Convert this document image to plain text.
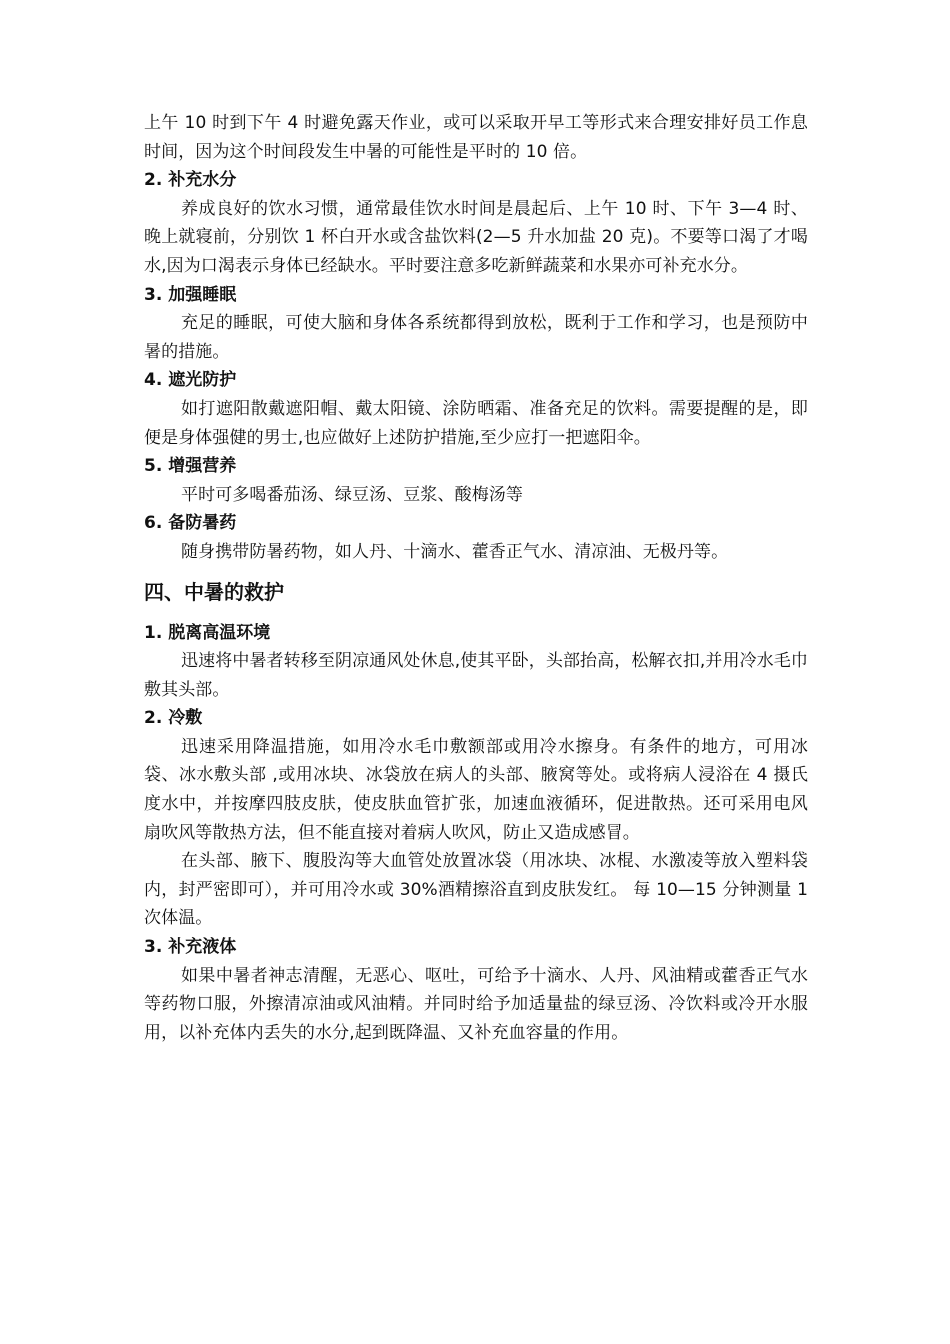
上午 10 时到下午 4 时避免露天作业，或可以采取开早工等形式来合理安排好员工作息时间，因为这个时间段发生中暑的可能性是平时的 10 倍。

2. 补充水分

养成良好的饮水习惯，通常最佳饮水时间是晨起后、上午 10 时、下午 3—4 时、晚上就寝前，分别饮 1 杯白开水或含盐饮料(2—5 升水加盐 20 克)。不要等口渴了才喝水,因为口渴表示身体已经缺水。平时要注意多吃新鲜蔬菜和水果亦可补充水分。

3. 加强睡眠

充足的睡眠，可使大脑和身体各系统都得到放松，既利于工作和学习，也是预防中暑的措施。

4. 遮光防护

如打遮阳散戴遮阳帽、戴太阳镜、涂防晒霜、准备充足的饮料。需要提醒的是，即便是身体强健的男士,也应做好上述防护措施,至少应打一把遮阳伞。

5. 增强营养

平时可多喝番茄汤、绿豆汤、豆浆、酸梅汤等

6. 备防暑药

随身携带防暑药物，如人丹、十滴水、藿香正气水、清凉油、无极丹等。

四、中暑的救护
1. 脱离高温环境

迅速将中暑者转移至阴凉通风处休息,使其平卧，头部抬高，松解衣扣,并用冷水毛巾敷其头部。

2. 冷敷

迅速采用降温措施，如用冷水毛巾敷额部或用冷水擦身。有条件的地方，可用冰袋、冰水敷头部 ,或用冰块、冰袋放在病人的头部、腋窝等处。或将病人浸浴在 4 摄氏度水中，并按摩四肢皮肤，使皮肤血管扩张，加速血液循环，促进散热。还可采用电风扇吹风等散热方法，但不能直接对着病人吹风，防止又造成感冒。

在头部、腋下、腹股沟等大血管处放置冰袋（用冰块、冰棍、水激凌等放入塑料袋内，封严密即可），并可用冷水或 30%酒精擦浴直到皮肤发红。 每 10—15 分钟测量 1 次体温。

3. 补充液体

如果中暑者神志清醒，无恶心、呕吐，可给予十滴水、人丹、风油精或藿香正气水等药物口服，外擦清凉油或风油精。并同时给予加适量盐的绿豆汤、冷饮料或冷开水服用，以补充体内丢失的水分,起到既降温、又补充血容量的作用。
